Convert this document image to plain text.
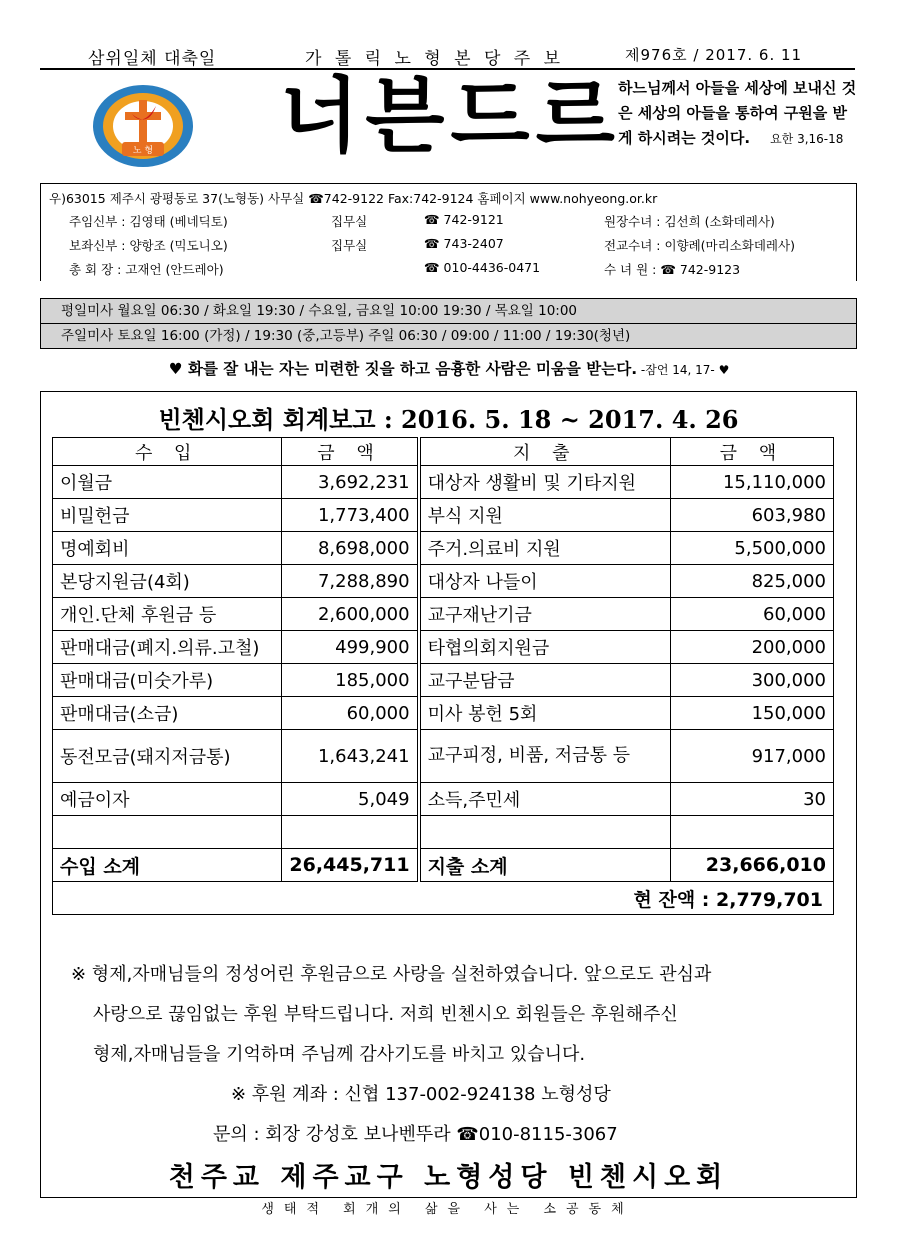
삼위일체 대축일	가 톨 릭 노 형 본 당 주 보	제976호 / 2017. 6. 11
노 형 너븐드르
하느님께서 아들을 세상에 보내신 것은 세상의 아들을 통하여 구원을 받게 하시려는 것이다. 요한 3,16-18
우)63015 제주시 광평동로 37(노형동) 사무실 ☎742-9122 Fax:742-9124 홈페이지 www.nohyeong.or.kr
주임신부 : 김영태 (베네딕토)	집무실	☎ 742-9121	원장수녀 : 김선희 (소화데레사)
보좌신부 : 양항조 (믹도니오)	집무실	☎ 743-2407	전교수녀 : 이향례(마리소화데레사)
총 회 장 : 고재언 (안드레아)	☎ 010-4436-0471	수 녀 원 : ☎ 742-9123
평일미사 월요일 06:30 / 화요일 19:30 / 수요일, 금요일 10:00 19:30 / 목요일 10:00
주일미사 토요일 16:00 (가정) / 19:30 (중,고등부) 주일 06:30 / 09:00 / 11:00 / 19:30(청년)
♥ 화를 잘 내는 자는 미련한 짓을 하고 음흉한 사람은 미움을 받는다. -잠언 14, 17- ♥
빈첸시오회 회계보고 : 2016. 5. 18 ~ 2017. 4. 26
수 입	금 액	지 출	금 액
이월금	3,692,231	대상자 생활비 및 기타지원	15,110,000
비밀헌금	1,773,400	부식 지원	603,980
명예회비	8,698,000	주거.의료비 지원	5,500,000
본당지원금(4회)	7,288,890	대상자 나들이	825,000
개인.단체 후원금 등	2,600,000	교구재난기금	60,000
판매대금(폐지.의류.고철)	499,900	타협의회지원금	200,000
판매대금(미숫가루)	185,000	교구분담금	300,000
판매대금(소금)	60,000	미사 봉헌 5회	150,000
동전모금(돼지저금통)	1,643,241	교구피정, 비품, 저금통 등	917,000
예금이자	5,049	소득,주민세	30

수입 소계	26,445,711	지출 소계	23,666,010
현 잔액 : 2,779,701			
※ 형제,자매님들의 정성어린 후원금으로 사랑을 실천하였습니다. 앞으로도 관심과
사랑으로 끊임없는 후원 부탁드립니다. 저희 빈첸시오 회원들은 후원해주신
형제,자매님들을 기억하며 주님께 감사기도를 바치고 있습니다.
※ 후원 계좌 : 신협 137-002-924138 노형성당
문의 : 회장 강성호 보나벤뚜라 ☎010-8115-3067
천주교 제주교구 노형성당 빈첸시오회
생태적 회개의 삶을 사는 소공동체
